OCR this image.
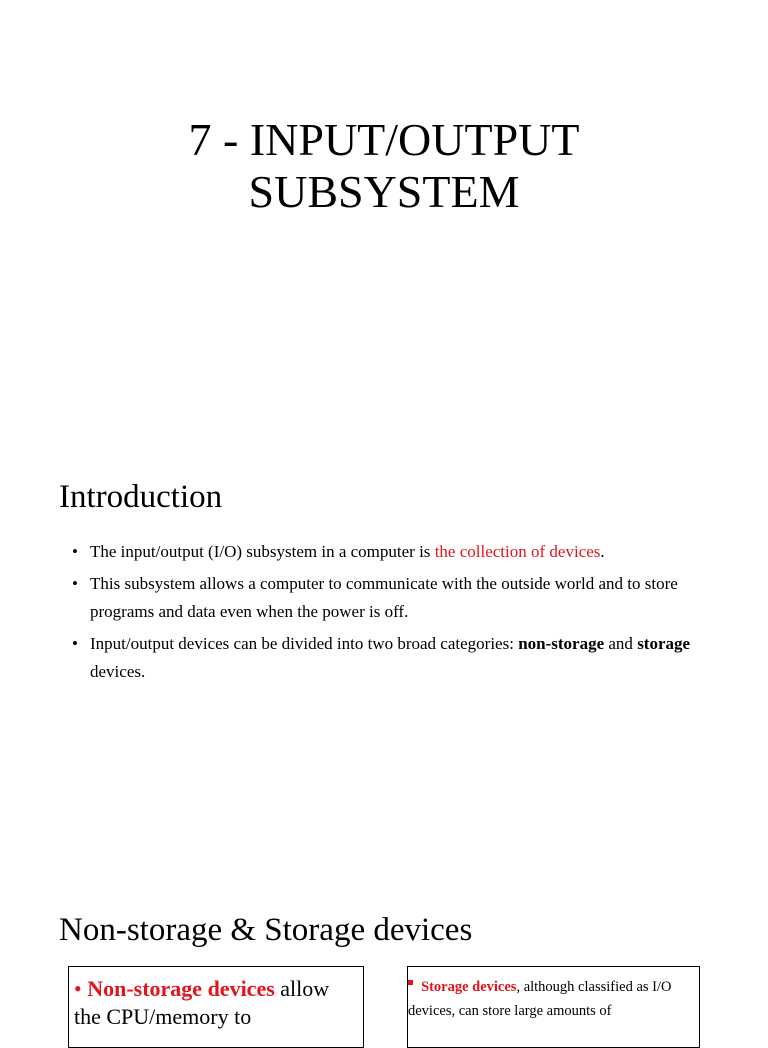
7 - INPUT/OUTPUT
SUBSYSTEM
Introduction
• The input/output (I/O) subsystem in a computer is the collection of devices.
• This subsystem allows a computer to communicate with the outside world and to store programs and data even when the power is off.
• Input/output devices can be divided into two broad categories: non-storage and storage devices.
Non-storage & Storage devices
• Non-storage devices allow the CPU/memory to
Storage devices, although classified as I/O devices, can store large amounts of
